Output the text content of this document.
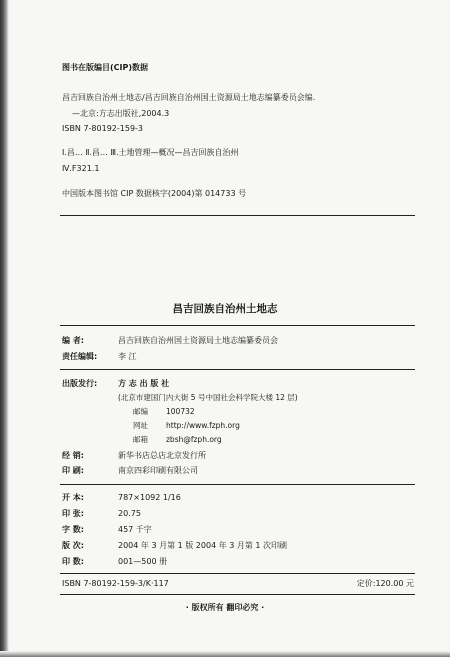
图书在版编目(CIP)数据
昌吉回族自治州土地志/昌吉回族自治州国土资源局土地志编纂委员会编.
—北京:方志出版社,2004.3
ISBN 7-80192-159-3
Ⅰ.昌… Ⅱ.昌… Ⅲ.土地管理—概况—昌吉回族自治州
Ⅳ.F321.1
中国版本图书馆 CIP 数据核字(2004)第 014733 号
昌吉回族自治州土地志
编 者:	昌吉回族自治州国土资源局土地志编纂委员会
责任编辑:	李 江
出版发行:	方 志 出 版 社
(北京市建国门内大街 5 号中国社会科学院大楼 12 层)
邮编 100732
网址 http://www.fzph.org
邮箱 zbsh@fzph.org
经 销:	新华书店总店北京发行所
印 刷:	南京四彩印刷有限公司
开 本:	787×1092 1/16
印 张:	20.75
字 数:	457 千字
版 次:	2004 年 3 月第 1 版 2004 年 3 月第 1 次印刷
印 数:	001—500 册
ISBN 7-80192-159-3/K·117	定价:120.00 元
· 版权所有 翻印必究 ·
